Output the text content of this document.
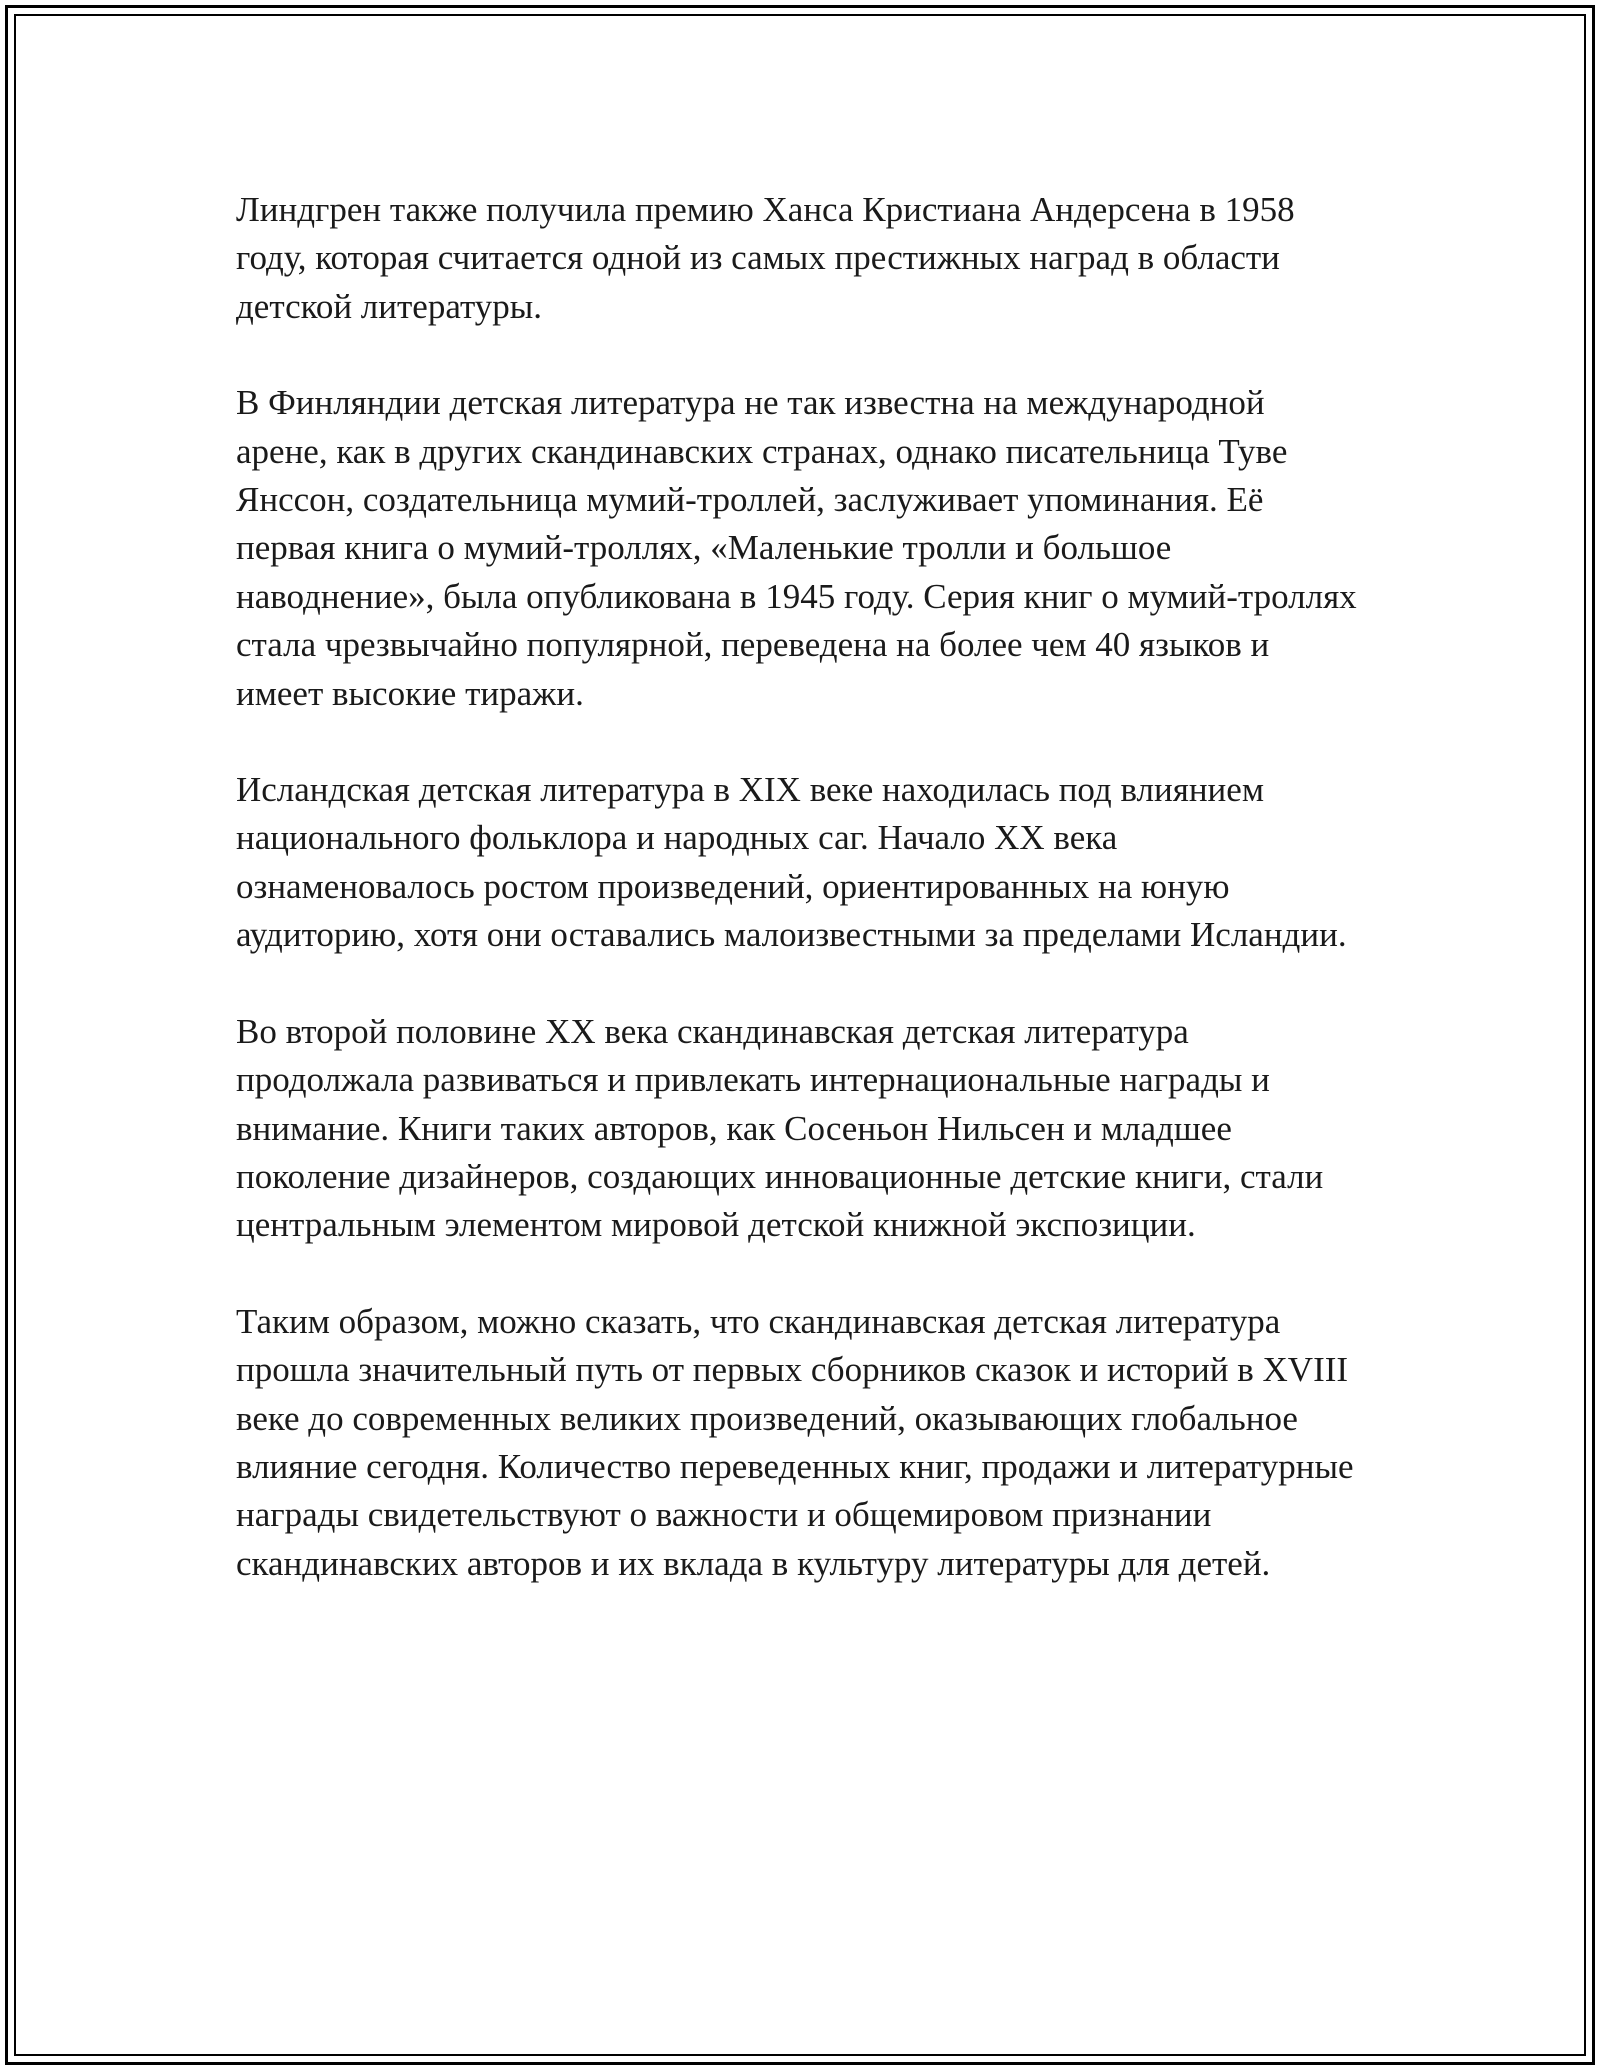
Линдгрен также получила премию Ханса Кристиана Андерсена в 1958 году, которая считается одной из самых престижных наград в области детской литературы.

В Финляндии детская литература не так известна на международной арене, как в других скандинавских странах, однако писательница Туве Янссон, создательница мумий-троллей, заслуживает упоминания. Её первая книга о мумий-троллях, «Маленькие тролли и большое наводнение», была опубликована в 1945 году. Серия книг о мумий-троллях стала чрезвычайно популярной, переведена на более чем 40 языков и имеет высокие тиражи.

Исландская детская литература в XIX веке находилась под влиянием национального фольклора и народных саг. Начало XX века ознаменовалось ростом произведений, ориентированных на юную аудиторию, хотя они оставались малоизвестными за пределами Исландии.

Во второй половине XX века скандинавская детская литература продолжала развиваться и привлекать интернациональные награды и внимание. Книги таких авторов, как Сосеньон Нильсен и младшее поколение дизайнеров, создающих инновационные детские книги, стали центральным элементом мировой детской книжной экспозиции.

Таким образом, можно сказать, что скандинавская детская литература прошла значительный путь от первых сборников сказок и историй в XVIII веке до современных великих произведений, оказывающих глобальное влияние сегодня. Количество переведенных книг, продажи и литературные награды свидетельствуют о важности и общемировом признании скандинавских авторов и их вклада в культуру литературы для детей.
